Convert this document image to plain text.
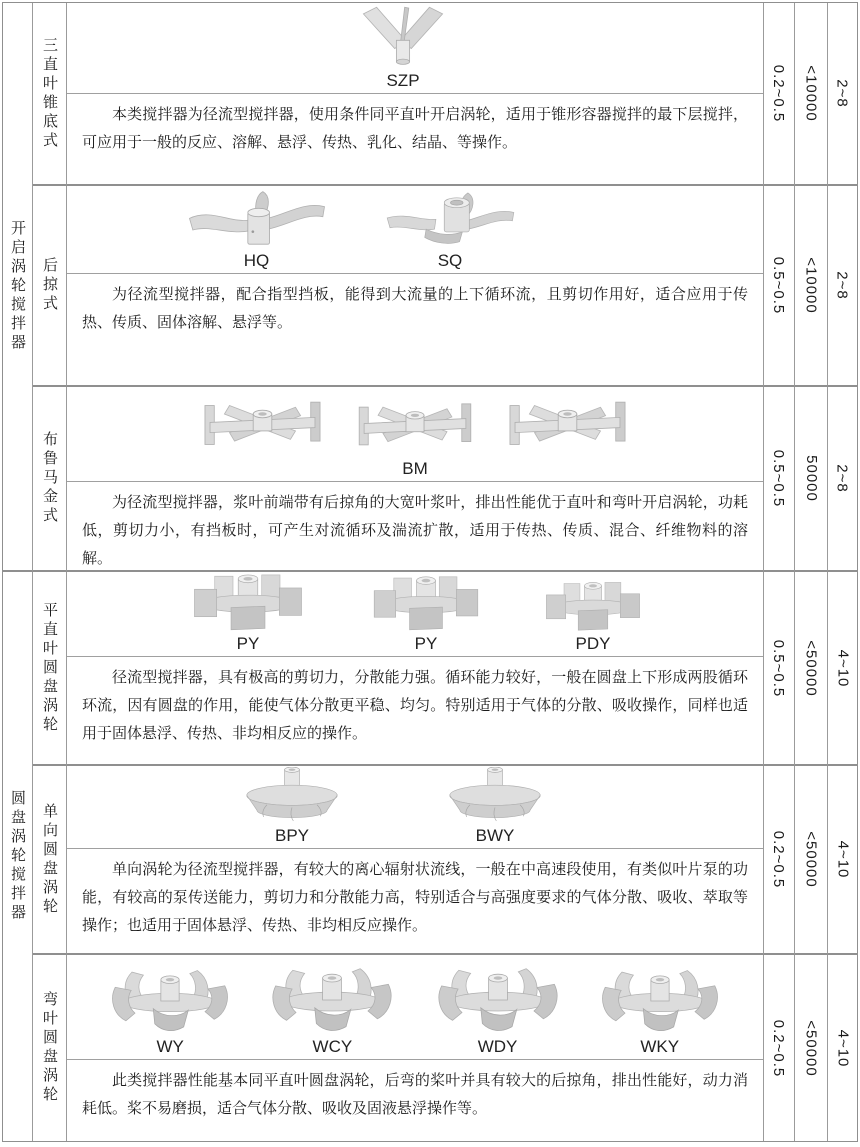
开启涡轮搅拌器
圆盘涡轮搅拌器
三直叶锥底式	SZP

本类搅拌器为径流型搅拌器，使用条件同平直叶开启涡轮，适用于锥形容器搅拌的最下层搅拌，可应用于一般的反应、溶解、悬浮、传热、乳化、结晶、等操作。

0.2~0.5 <10000 2~8
后掠式	HQ	SQ

为径流型搅拌器，配合指型挡板，能得到大流量的上下循环流，且剪切作用好，适合应用于传热、传质、固体溶解、悬浮等。

0.5~0.5 <10000 2~8
布鲁马金式	BM

为径流型搅拌器，浆叶前端带有后掠角的大宽叶浆叶，排出性能优于直叶和弯叶开启涡轮，功耗低，剪切力小，有挡板时，可产生对流循环及湍流扩散，适用于传热、传质、混合、纤维物料的溶解。

0.5~0.5 50000 2~8
平直叶圆盘涡轮	PY	PY	PDY

径流型搅拌器，具有极高的剪切力，分散能力强。循环能力较好，一般在圆盘上下形成两股循环环流，因有圆盘的作用，能使气体分散更平稳、均匀。特别适用于气体的分散、吸收操作，同样也适用于固体悬浮、传热、非均相反应的操作。

0.5~0.5 <50000 4~10
单向圆盘涡轮	BPY	BWY

单向涡轮为径流型搅拌器，有较大的离心辐射状流线，一般在中高速段使用，有类似叶片泵的功能，有较高的泵传送能力，剪切力和分散能力高，特别适合与高强度要求的气体分散、吸收、萃取等操作；也适用于固体悬浮、传热、非均相反应操作。

0.2~0.5 <50000 4~10
弯叶圆盘涡轮	WY	WCY	WDY	WKY

此类搅拌器性能基本同平直叶圆盘涡轮，后弯的桨叶并具有较大的后掠角，排出性能好，动力消耗低。桨不易磨损，适合气体分散、吸收及固液悬浮操作等。

0.2~0.5 <50000 4~10
